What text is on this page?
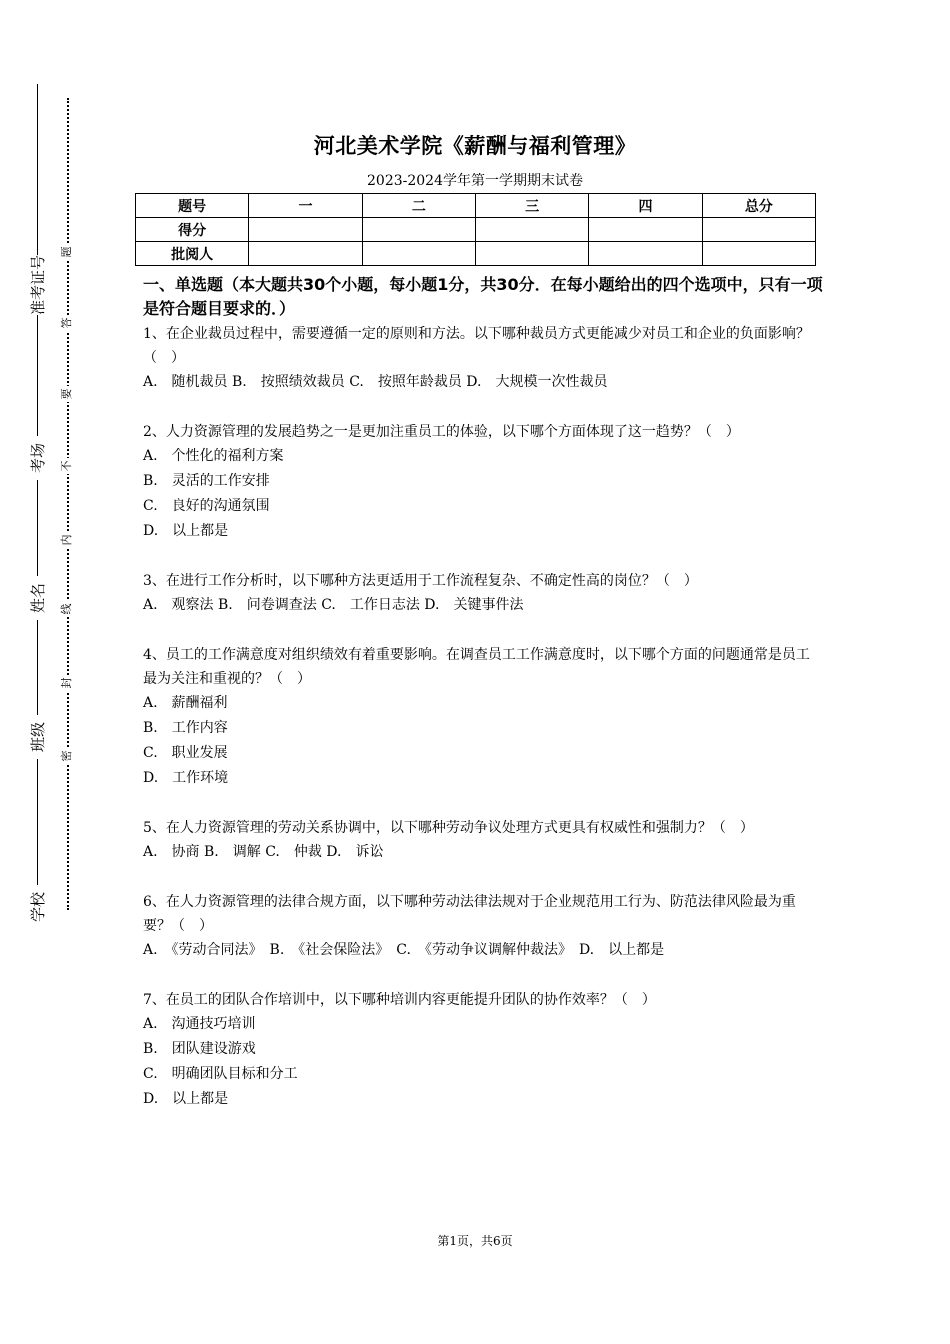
准考证号
考场
姓名
班级
学校
题
答
要
不
内
线
封
密
河北美术学院《薪酬与福利管理》
2023-2024学年第一学期期末试卷
题号	一	二	三	四	总分
得分					
批阅人					
一、单选题（本大题共30个小题，每小题1分，共30分．在每小题给出的四个选项中，只有一项是符合题目要求的．）
1、在企业裁员过程中，需要遵循一定的原则和方法。以下哪种裁员方式更能减少对员工和企业的负面影响？（　）
A.　随机裁员 B.　按照绩效裁员 C.　按照年龄裁员 D.　大规模一次性裁员
2、人力资源管理的发展趋势之一是更加注重员工的体验，以下哪个方面体现了这一趋势？（　）
A.　个性化的福利方案
B.　灵活的工作安排
C.　良好的沟通氛围
D.　以上都是
3、在进行工作分析时，以下哪种方法更适用于工作流程复杂、不确定性高的岗位？（　）
A.　观察法 B.　问卷调查法 C.　工作日志法 D.　关键事件法
4、员工的工作满意度对组织绩效有着重要影响。在调查员工工作满意度时，以下哪个方面的问题通常是员工最为关注和重视的？（　）
A.　薪酬福利
B.　工作内容
C.　职业发展
D.　工作环境
5、在人力资源管理的劳动关系协调中，以下哪种劳动争议处理方式更具有权威性和强制力？（　）
A.　协商 B.　调解 C.　仲裁 D.　诉讼
6、在人力资源管理的法律合规方面，以下哪种劳动法律法规对于企业规范用工行为、防范法律风险最为重要？（　）
A.　《劳动合同法》　B.　《社会保险法》　C.　《劳动争议调解仲裁法》　D.　以上都是
7、在员工的团队合作培训中，以下哪种培训内容更能提升团队的协作效率？（　）
A.　沟通技巧培训
B.　团队建设游戏
C.　明确团队目标和分工
D.　以上都是
第1页，共6页
